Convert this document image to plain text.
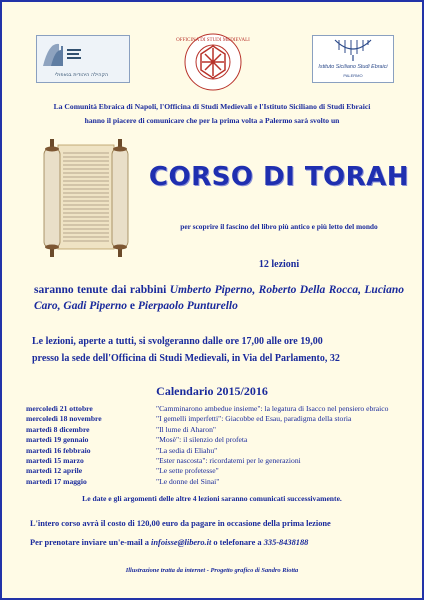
הקהילה היהודית בנאפולי
OFFICINA DI STUDI MEDIEVALI
Istituto Siciliano Studi Ebraici
PALERMO
La Comunità Ebraica di Napoli, l'Officina di Studi Medievali e l'Istituto Siciliano di Studi Ebraici
hanno il piacere di comunicare che per la prima volta a Palermo sarà svolto un
CORSO DI TORAH
per scoprire il fascino del libro più antico e più letto del mondo
12 lezioni
saranno tenute dai rabbini Umberto Piperno, Roberto Della Rocca, Luciano Caro, Gadi Piperno e Pierpaolo Punturello
Le lezioni, aperte a tutti, si svolgeranno dalle ore 17,00 alle ore 19,00
presso la sede dell'Officina di Studi Medievali, in Via del Parlamento, 32
Calendario 2015/2016
mercoledì 21 ottobre	"Camminarono ambedue insieme": la legatura di Isacco nel pensiero ebraico
mercoledì 18 novembre	"I gemelli imperfetti": Giacobbe ed Esau, paradigma della storia
martedì 8 dicembre	"Il lume di Aharon"
martedì 19 gennaio	"Mosè": il silenzio del profeta
martedì 16 febbraio	"La sedia di Eliahu"
martedì 15 marzo	"Ester nascosta": ricordatemi per le generazioni
martedì 12 aprile	"Le sette profetesse"
martedì 17 maggio	"Le donne del Sinai"
Le date e gli argomenti delle altre 4 lezioni saranno comunicati successivamente.
L'intero corso avrà il costo di 120,00 euro da pagare in occasione della prima lezione
Per prenotare inviare un'e-mail a infoisse@libero.it o telefonare a 335-8438188
Illustrazione tratta da internet - Progetto grafico di Sandro Riotta
